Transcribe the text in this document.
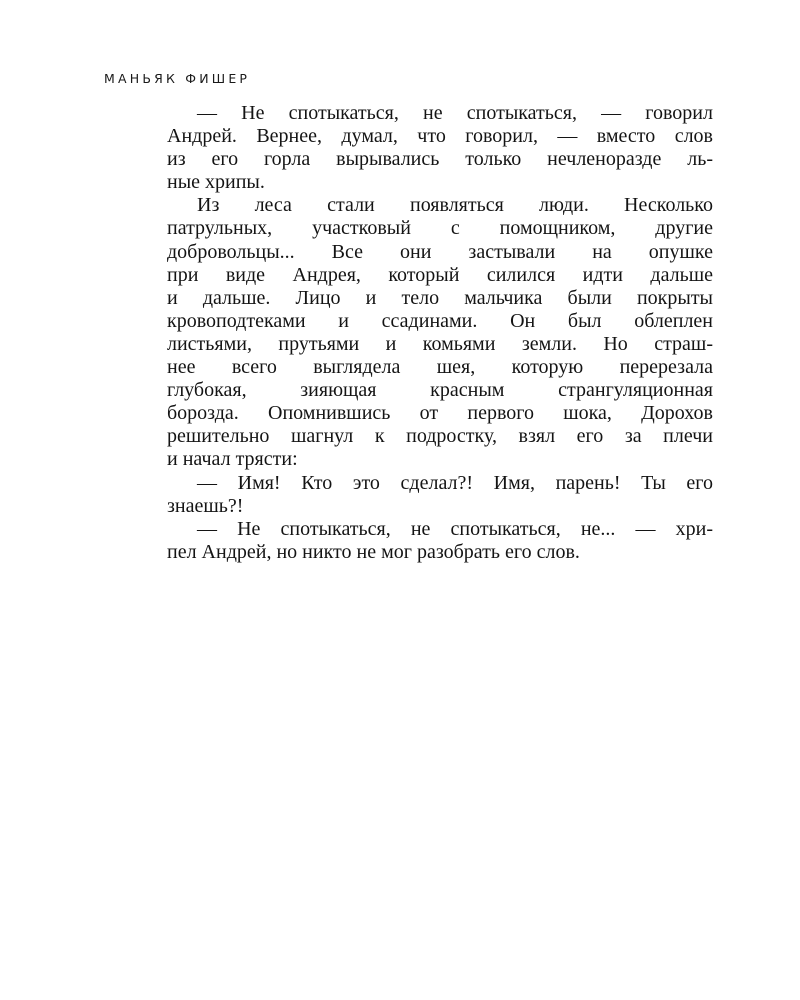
МАНЬЯК ФИШЕР

— Не спотыкаться, не спотыкаться, — говорил
Андрей. Вернее, думал, что говорил, — вместо слов
из его горла вырывались только нечленоразде ль-
ные хрипы.
Из леса стали появляться люди. Несколько
патрульных, участковый с помощником, другие
добровольцы... Все они застывали на опушке
при виде Андрея, который силился идти дальше
и дальше. Лицо и тело мальчика были покрыты
кровоподтеками и ссадинами. Он был облеплен
листьями, прутьями и комьями земли. Но страш-
нее всего выглядела шея, которую перерезала
глубокая, зияющая красным странгуляционная
борозда. Опомнившись от первого шока, Дорохов
решительно шагнул к подростку, взял его за плечи
и начал трясти:
— Имя! Кто это сделал?! Имя, парень! Ты его
знаешь?!
— Не спотыкаться, не спотыкаться, не... — хри-
пел Андрей, но никто не мог разобрать его слов.
